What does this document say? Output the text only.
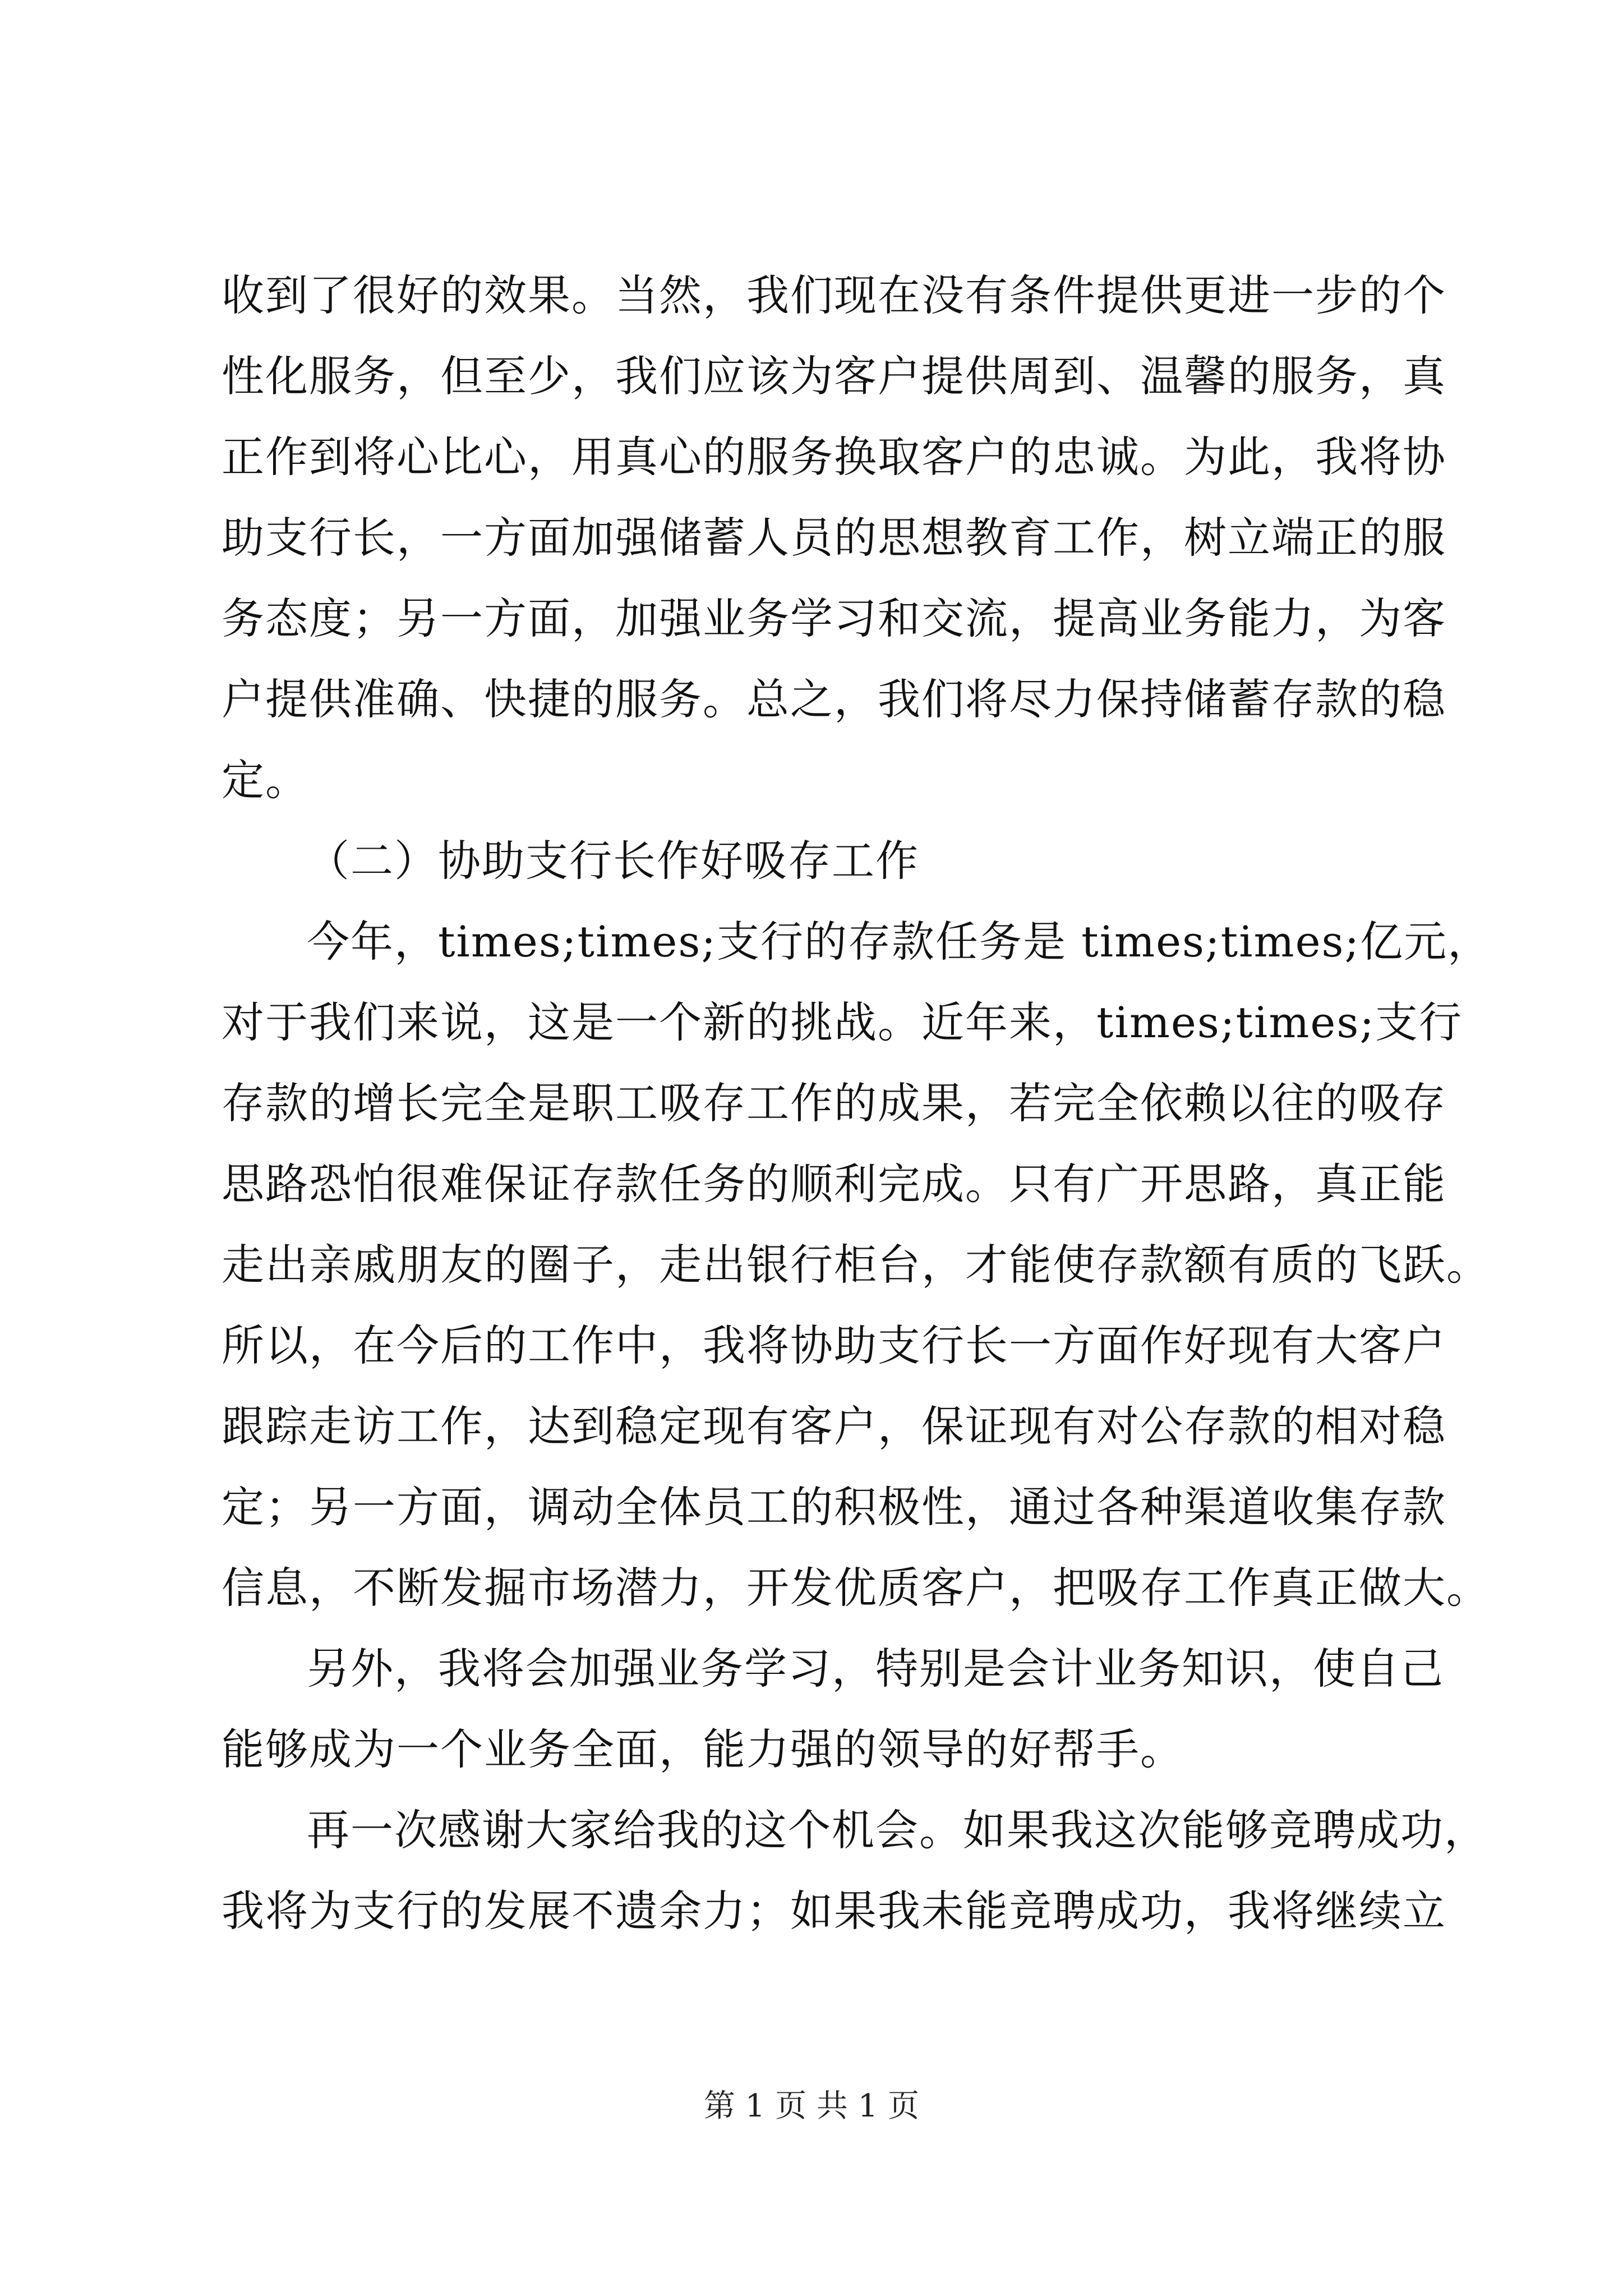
收到了很好的效果。当然，我们现在没有条件提供更进一步的个
性化服务，但至少，我们应该为客户提供周到、温馨的服务，真
正作到将心比心，用真心的服务换取客户的忠诚。为此，我将协
助支行长，一方面加强储蓄人员的思想教育工作，树立端正的服
务态度；另一方面，加强业务学习和交流，提高业务能力，为客
户提供准确、快捷的服务。总之，我们将尽力保持储蓄存款的稳
定。
（二）协助支行长作好吸存工作
今年，times;times;支行的存款任务是 times;times;亿元，
对于我们来说，这是一个新的挑战。近年来，times;times;支行
存款的增长完全是职工吸存工作的成果，若完全依赖以往的吸存
思路恐怕很难保证存款任务的顺利完成。只有广开思路，真正能
走出亲戚朋友的圈子，走出银行柜台，才能使存款额有质的飞跃。
所以，在今后的工作中，我将协助支行长一方面作好现有大客户
跟踪走访工作，达到稳定现有客户，保证现有对公存款的相对稳
定；另一方面，调动全体员工的积极性，通过各种渠道收集存款
信息，不断发掘市场潜力，开发优质客户，把吸存工作真正做大。
另外，我将会加强业务学习，特别是会计业务知识，使自己
能够成为一个业务全面，能力强的领导的好帮手。
再一次感谢大家给我的这个机会。如果我这次能够竞聘成功，
我将为支行的发展不遗余力；如果我未能竞聘成功，我将继续立
第 1 页 共 1 页
